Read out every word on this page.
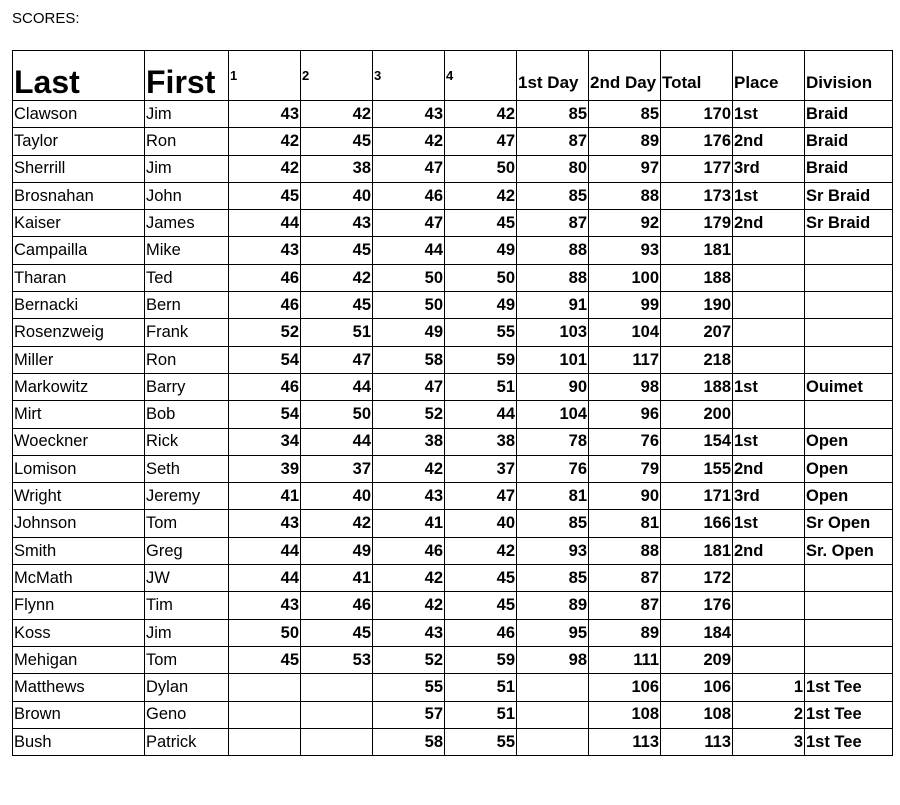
SCORES:
Last	First	1	2	3	4	1st Day	2nd Day	Total	Place	Division
Clawson	Jim	43	42	43	42	85	85	170	1st	Braid
Taylor	Ron	42	45	42	47	87	89	176	2nd	Braid
Sherrill	Jim	42	38	47	50	80	97	177	3rd	Braid
Brosnahan	John	45	40	46	42	85	88	173	1st	Sr Braid
Kaiser	James	44	43	47	45	87	92	179	2nd	Sr Braid
Campailla	Mike	43	45	44	49	88	93	181		
Tharan	Ted	46	42	50	50	88	100	188		
Bernacki	Bern	46	45	50	49	91	99	190		
Rosenzweig	Frank	52	51	49	55	103	104	207		
Miller	Ron	54	47	58	59	101	117	218		
Markowitz	Barry	46	44	47	51	90	98	188	1st	Ouimet
Mirt	Bob	54	50	52	44	104	96	200		
Woeckner	Rick	34	44	38	38	78	76	154	1st	Open
Lomison	Seth	39	37	42	37	76	79	155	2nd	Open
Wright	Jeremy	41	40	43	47	81	90	171	3rd	Open
Johnson	Tom	43	42	41	40	85	81	166	1st	Sr Open
Smith	Greg	44	49	46	42	93	88	181	2nd	Sr. Open
McMath	JW	44	41	42	45	85	87	172		
Flynn	Tim	43	46	42	45	89	87	176		
Koss	Jim	50	45	43	46	95	89	184		
Mehigan	Tom	45	53	52	59	98	111	209		
Matthews	Dylan			55	51		106	106	1	1st Tee
Brown	Geno			57	51		108	108	2	1st Tee
Bush	Patrick			58	55		113	113	3	1st Tee
